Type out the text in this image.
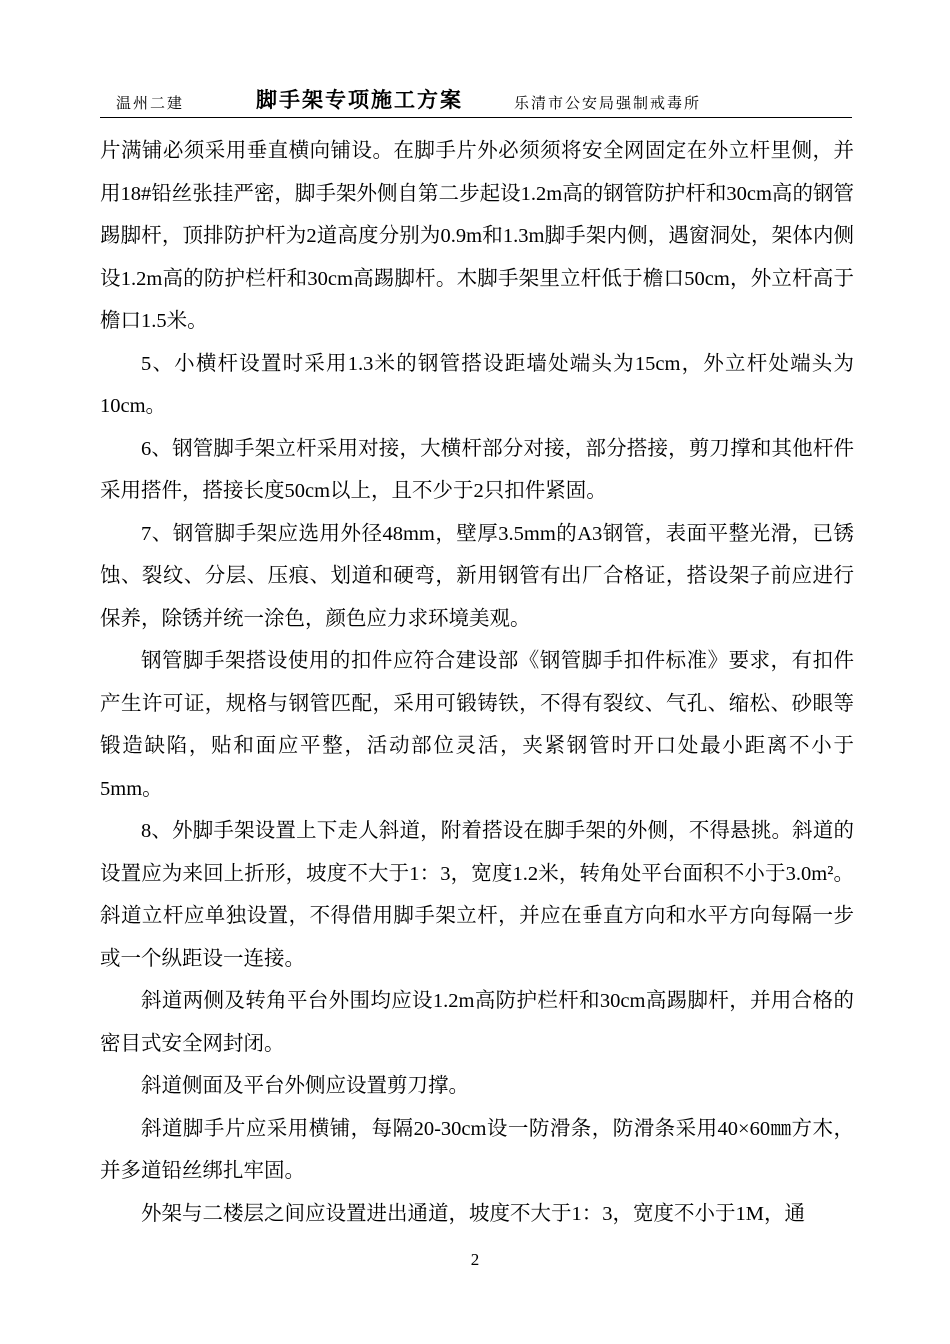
温州二建	脚手架专项施工方案	乐清市公安局强制戒毒所

片满铺必须采用垂直横向铺设。在脚手片外必须须将安全网固定在外立杆里侧，并用18#铅丝张挂严密，脚手架外侧自第二步起设1.2m高的钢管防护杆和30cm高的钢管踢脚杆，顶排防护杆为2道高度分别为0.9m和1.3m脚手架内侧，遇窗洞处，架体内侧设1.2m高的防护栏杆和30cm高踢脚杆。木脚手架里立杆低于檐口50cm，外立杆高于檐口1.5米。

5、小横杆设置时采用1.3米的钢管搭设距墙处端头为15cm，外立杆处端头为10cm。

6、钢管脚手架立杆采用对接，大横杆部分对接，部分搭接，剪刀撑和其他杆件采用搭件，搭接长度50cm以上，且不少于2只扣件紧固。

7、钢管脚手架应选用外径48mm，壁厚3.5mm的A3钢管，表面平整光滑，已锈蚀、裂纹、分层、压痕、划道和硬弯，新用钢管有出厂合格证，搭设架子前应进行保养，除锈并统一涂色，颜色应力求环境美观。

钢管脚手架搭设使用的扣件应符合建设部《钢管脚手扣件标准》要求，有扣件产生许可证，规格与钢管匹配，采用可锻铸铁，不得有裂纹、气孔、缩松、砂眼等锻造缺陷，贴和面应平整，活动部位灵活，夹紧钢管时开口处最小距离不小于5mm。

8、外脚手架设置上下走人斜道，附着搭设在脚手架的外侧，不得悬挑。斜道的设置应为来回上折形，坡度不大于1：3，宽度1.2米，转角处平台面积不小于3.0m²。斜道立杆应单独设置，不得借用脚手架立杆，并应在垂直方向和水平方向每隔一步或一个纵距设一连接。

斜道两侧及转角平台外围均应设1.2m高防护栏杆和30cm高踢脚杆，并用合格的密目式安全网封闭。

斜道侧面及平台外侧应设置剪刀撑。

斜道脚手片应采用横铺，每隔20-30cm设一防滑条，防滑条采用40×60㎜方木，并多道铅丝绑扎牢固。

外架与二楼层之间应设置进出通道，坡度不大于1：3，宽度不小于1M，通

2
